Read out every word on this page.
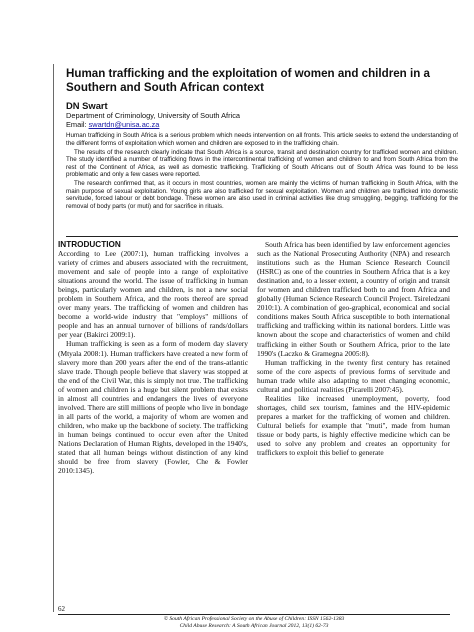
Human trafficking and the exploitation of women and children in a Southern and South African context
DN Swart
Department of Criminology, University of South Africa
Email: swartdn@unisa.ac.za

Human trafficking in South Africa is a serious problem which needs intervention on all fronts. This article seeks to extend the understanding of the different forms of exploitation which women and children are exposed to in the trafficking chain.

The results of the research clearly indicate that South Africa is a source, transit and destination country for trafficked women and children. The study identified a number of trafficking flows in the intercontinental trafficking of women and children to and from South Africa from the rest of the Continent of Africa, as well as domestic trafficking. Trafficking of South Africans out of South Africa was found to be less problematic and only a few cases were reported.

The research confirmed that, as it occurs in most countries, women are mainly the victims of human trafficking in South Africa, with the main purpose of sexual exploitation. Young girls are also trafficked for sexual exploitation. Women and children are trafficked into domestic servitude, forced labour or debt bondage. These women are also used in criminal activities like drug smuggling, begging, trafficking for the removal of body parts (or muti) and for sacrifice in rituals.

INTRODUCTION

According to Lee (2007:1), human trafficking involves a variety of crimes and abusers associated with the recruitment, movement and sale of people into a range of exploitative situations around the world. The issue of trafficking in human beings, particularly women and children, is not a new social problem in Southern Africa, and the roots thereof are spread over many years. The trafficking of women and children has become a world-wide industry that "employs" millions of people and has an annual turnover of billions of rands/dollars per year (Bakirci 2009:1).

Human trafficking is seen as a form of modern day slavery (Mtyala 2008:1). Human traffickers have created a new form of slavery more than 200 years after the end of the trans-atlantic slave trade. Though people believe that slavery was stopped at the end of the Civil War, this is simply not true. The trafficking of women and children is a huge but silent problem that exists in almost all countries and endangers the lives of everyone involved. There are still millions of people who live in bondage in all parts of the world, a majority of whom are women and children, who make up the backbone of society. The trafficking in human beings continued to occur even after the United Nations Declaration of Human Rights, developed in the 1940's, stated that all human beings without distinction of any kind should be free from slavery (Fowler, Che & Fowler 2010:1345).

South Africa has been identified by law enforcement agencies such as the National Prosecuting Authority (NPA) and research institutions such as the Human Science Research Council (HSRC) as one of the countries in Southern Africa that is a key destination and, to a lesser extent, a country of origin and transit for women and children trafficked both to and from Africa and globally (Human Science Research Council Project. Tsireledzani 2010:1). A combination of geo-graphical, economical and social conditions makes South Africa susceptible to both international trafficking and trafficking within its national borders. Little was known about the scope and characteristics of women and child trafficking in either South or Southern Africa, prior to the late 1990's (Laczko & Gramegna 2005:8).

Human trafficking in the twenty first century has retained some of the core aspects of previous forms of servitude and human trade while also adapting to meet changing economic, cultural and political realities (Picarelli 2007:45).

Realities like increased unemployment, poverty, food shortages, child sex tourism, famines and the HIV-epidemic prepares a market for the trafficking of women and children. Cultural beliefs for example that "muti", made from human tissue or body parts, is highly effective medicine which can be used to solve any problem and creates an opportunity for traffickers to exploit this belief to generate

62
© South African Professional Society on the Abuse of Children: ISSN 1562-1383
Child Abuse Research: A South African Journal 2012, 13(1) 62-73
